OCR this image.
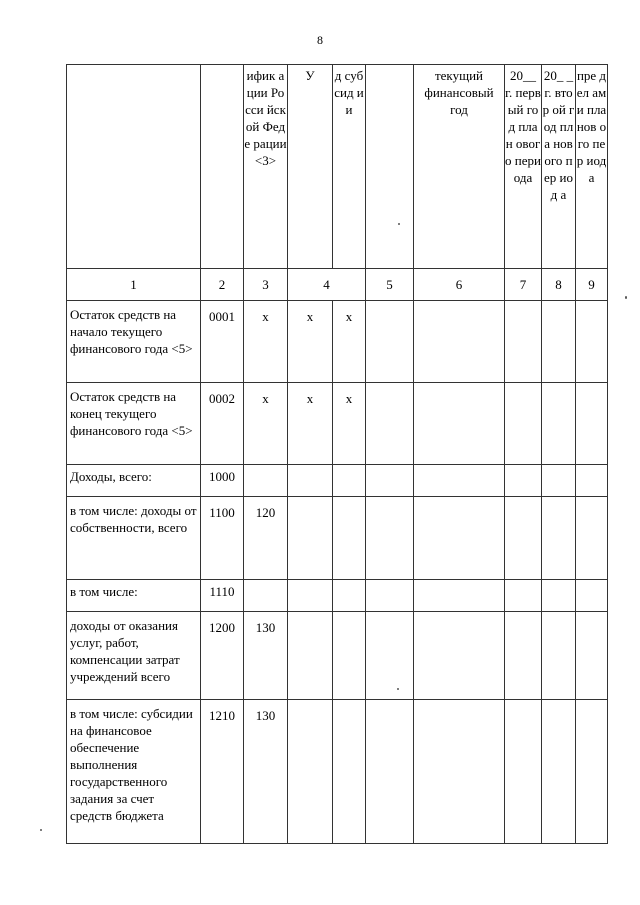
8
		ифик ации Росси йской Феде рации <3>	У	д суб сид ии		текущий финансовый год	20__ г. перв ый год план овог о пери ода	20_ _ г. втор ой год пла нов ого пер иод а	пре дел ами пла нов ого пер иод а
1	2	3	4		5	6	7	8	9
Остаток средств на начало текущего финансового года <5>	0001	x	x	x					
Остаток средств на конец текущего финансового года <5>	0002	x	x	x					
Доходы, всего:	1000								
в том числе: доходы от собственности, всего	1100	120							
в том числе:	1110								
доходы от оказания услуг, работ, компенсации затрат учреждений всего	1200	130							
в том числе: субсидии на финансовое обеспечение выполнения государственного задания за счет средств бюджета	1210	130							
